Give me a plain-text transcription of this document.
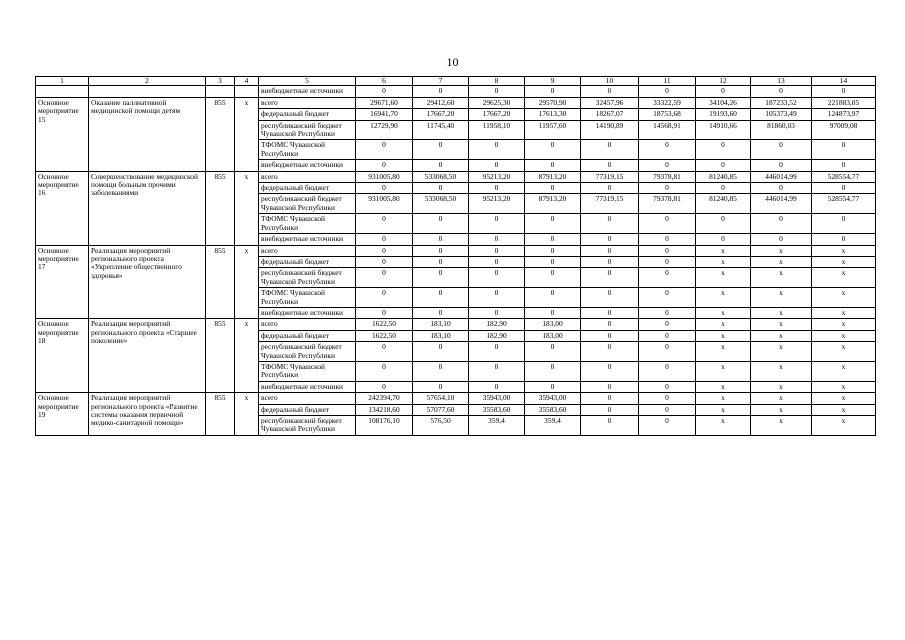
10
1	2	3	4	5	6	7	8	9	10	11	12	13	14
				внебюджетные источники	0	0	0	0	0	0	0	0	0
Основное мероприятие 15	Оказание паллиативной медицинской помощи детям	855	х	всего	29671,60	29412,60	29625,30	29570,90	32457,96	33322,59	34104,26	187233,52	221883,05
				федеральный бюджет	16941,70	17667,20	17667,20	17613,30	18267,07	18753,68	19193,60	105373,49	124873,97
				республиканский бюджет Чувашской Республики	12729,90	11745,40	11958,10	11957,60	14190,89	14568,91	14910,66	81860,03	97009,08
				ТФОМС Чувашской Республики	0	0	0	0	0	0	0	0	0
				внебюджетные источники	0	0	0	0	0	0	0	0	0
Основное мероприятие 16	Совершенствование медицинской помощи больным прочими заболеваниями	855	х	всего	931005,80	533068,50	95213,20	87913,20	77319,15	79378,81	81240,85	446014,99	528554,77
				федеральный бюджет	0	0	0	0	0	0	0	0	0
				республиканский бюджет Чувашской Республики	931005,80	533068,50	95213,20	87913,20	77319,15	79378,81	81240,85	446014,99	528554,77
				ТФОМС Чувашской Республики	0	0	0	0	0	0	0	0	0
				внебюджетные источники	0	0	0	0	0	0	0	0	0
Основное мероприятие 17	Реализация мероприятий регионального проекта «Укрепление общественного здоровья»	855	х	всего	0	0	0	0	0	0	х	х	х
				федеральный бюджет	0	0	0	0	0	0	х	х	х
				республиканский бюджет Чувашской Республики	0	0	0	0	0	0	х	х	х
				ТФОМС Чувашской Республики	0	0	0	0	0	0	х	х	х
				внебюджетные источники	0	0	0	0	0	0	х	х	х
Основное мероприятие 18	Реализация мероприятий регионального проекта «Старшее поколение»	855	х	всего	1622,50	183,10	182,90	183,00	0	0	х	х	х
				федеральный бюджет	1622,50	183,10	182,90	183,00	0	0	х	х	х
				республиканский бюджет Чувашской Республики	0	0	0	0	0	0	х	х	х
				ТФОМС Чувашской Республики	0	0	0	0	0	0	х	х	х
				внебюджетные источники	0	0	0	0	0	0	х	х	х
Основное мероприятие 19	Реализация мероприятий регионального проекта «Развитие системы оказания первичной медико-санитарной помощи»	855	х	всего	242394,70	57654,10	35943,00	35943,00	0	0	х	х	х
				федеральный бюджет	134218,60	57077,60	35583,60	35583,60	0	0	х	х	х
				республиканский бюджет Чувашской Республики	108176,10	576,50	359,4	359,4	0	0	х	х	х
